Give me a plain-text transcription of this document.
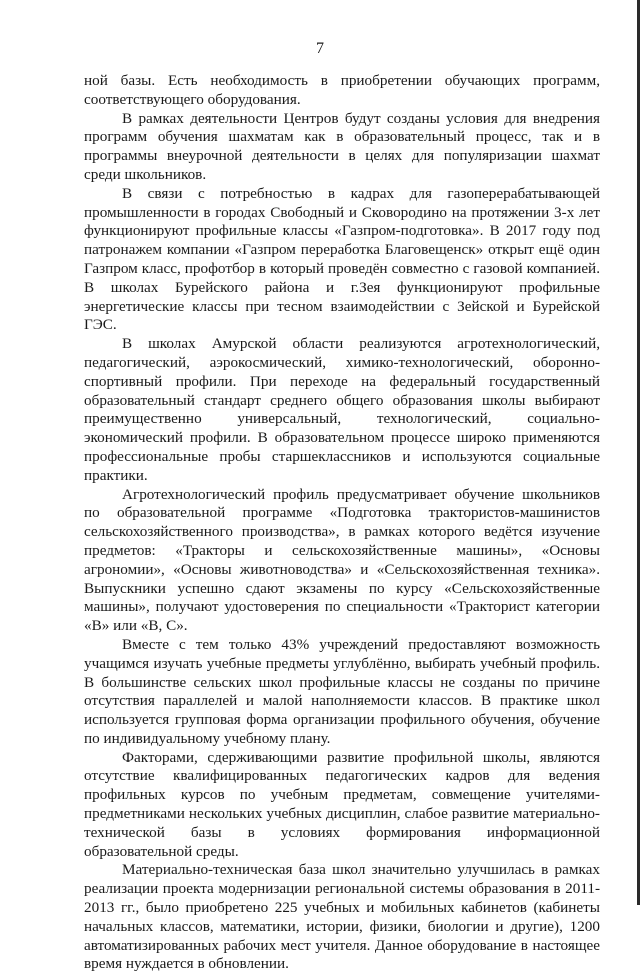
7

ной базы. Есть необходимость в приобретении обучающих программ, соответствующего оборудования.

В рамках деятельности Центров будут созданы условия для внедрения программ обучения шахматам как в образовательный процесс, так и в программы внеурочной деятельности в целях для популяризации шахмат среди школьников.

В связи с потребностью в кадрах для газоперерабатывающей промышленности в городах Свободный и Сковородино на протяжении 3-х лет функционируют профильные классы «Газпром-подготовка». В 2017 году под патронажем компании «Газпром переработка Благовещенск» открыт ещё один Газпром класс, профотбор в который проведён совместно с газовой компанией. В школах Бурейского района и г.Зея функционируют профильные энергетические классы при тесном взаимодействии с Зейской и Бурейской ГЭС.

В школах Амурской области реализуются агротехнологический, педагогический, аэрокосмический, химико-технологический, оборонно-спортивный профили. При переходе на федеральный государственный образовательный стандарт среднего общего образования школы выбирают преимущественно универсальный, технологический, социально-экономический профили. В образовательном процессе широко применяются профессиональные пробы старшеклассников и используются социальные практики.

Агротехнологический профиль предусматривает обучение школьников по образовательной программе «Подготовка трактористов-машинистов сельскохозяйственного производства», в рамках которого ведётся изучение предметов: «Тракторы и сельскохозяйственные машины», «Основы агрономии», «Основы животноводства» и «Сельскохозяйственная техника». Выпускники успешно сдают экзамены по курсу «Сельскохозяйственные машины», получают удостоверения по специальности «Тракторист категории «В» или «В, С».

Вместе с тем только 43% учреждений предоставляют возможность учащимся изучать учебные предметы углублённо, выбирать учебный профиль. В большинстве сельских школ профильные классы не созданы по причине отсутствия параллелей и малой наполняемости классов. В практике школ используется групповая форма организации профильного обучения, обучение по индивидуальному учебному плану.

Факторами, сдерживающими развитие профильной школы, являются отсутствие квалифицированных педагогических кадров для ведения профильных курсов по учебным предметам, совмещение учителями-предметниками нескольких учебных дисциплин, слабое развитие материально-технической базы в условиях формирования информационной образовательной среды.

Материально-техническая база школ значительно улучшилась в рамках реализации проекта модернизации региональной системы образования в 2011-2013 гг., было приобретено 225 учебных и мобильных кабинетов (кабинеты начальных классов, математики, истории, физики, биологии и другие), 1200 автоматизированных рабочих мест учителя. Данное оборудование в настоящее время нуждается в обновлении.
